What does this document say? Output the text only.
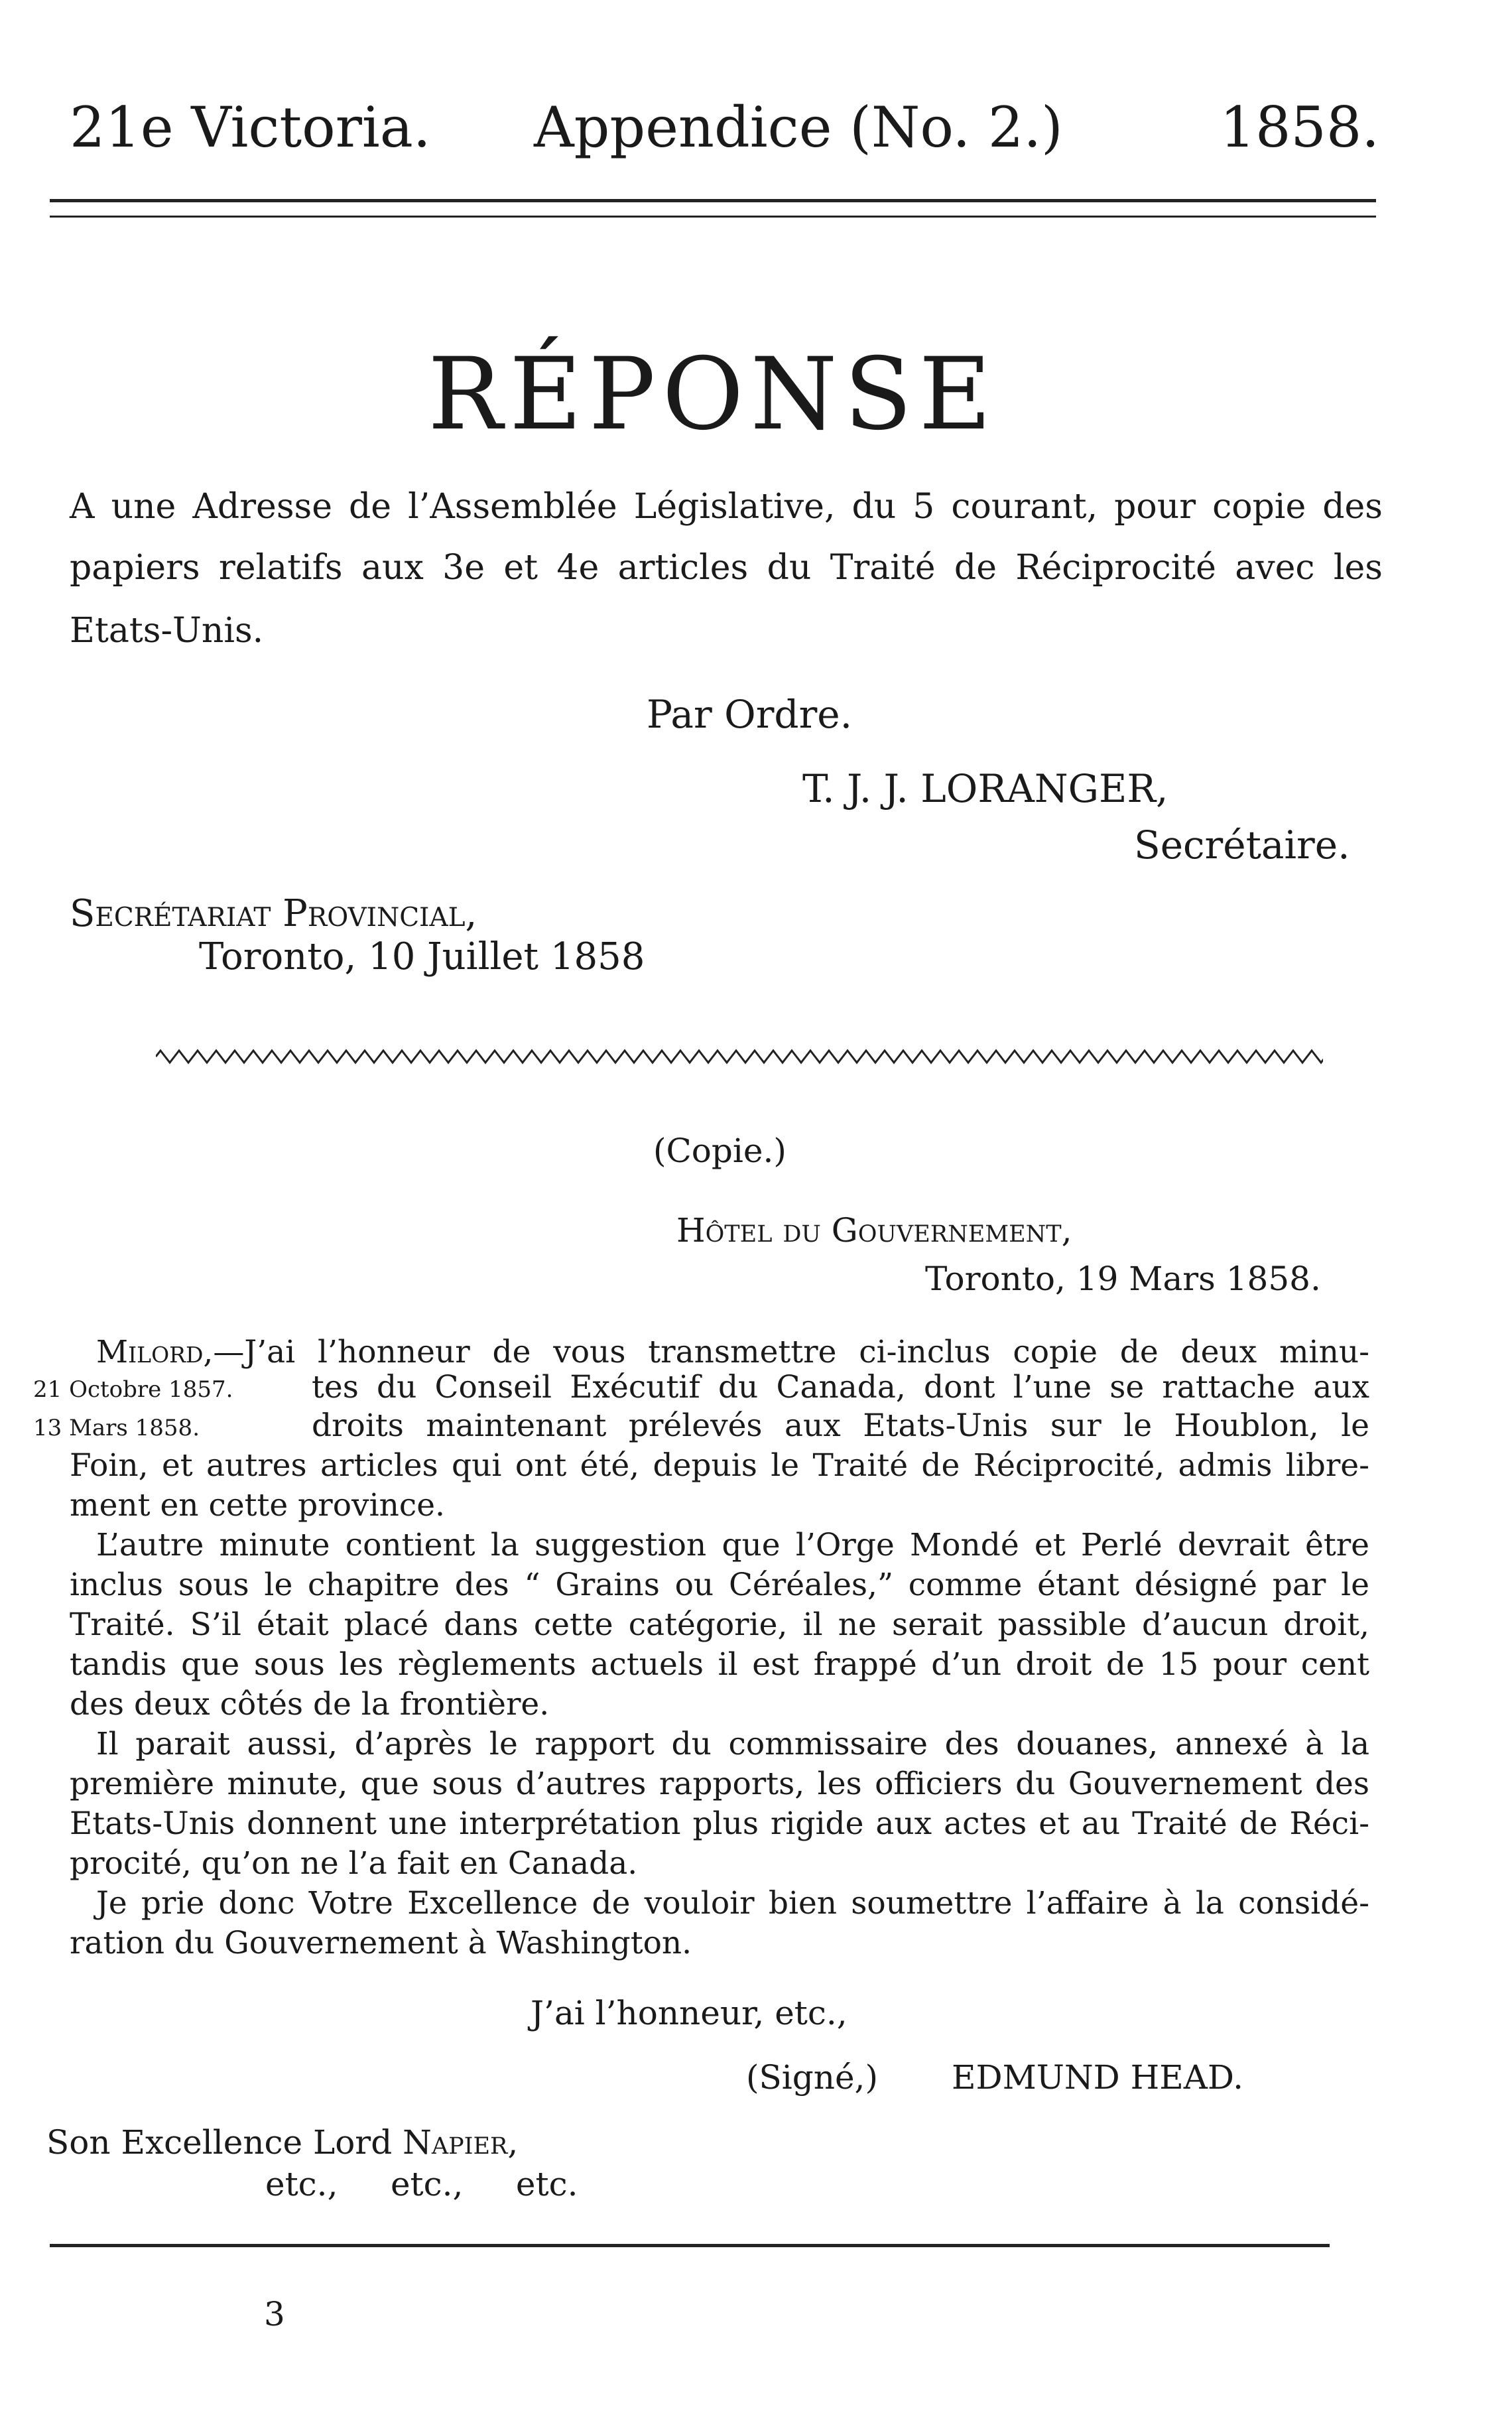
21e Victoria. Appendice (No. 2.)	1858.
RÉPONSE
A une Adresse de l’Assemblée Législative, du 5 courant, pour copie des
papiers relatifs aux 3e et 4e articles du Traité de Réciprocité avec les
Etats-Unis.
Par Ordre.
T. J. J. LORANGER,
Secrétaire.
Secrétariat Provincial,
Toronto, 10 Juillet 1858
(Copie.)
Hôtel du Gouvernement,
Toronto, 19 Mars 1858.
Milord,—J’ai l’honneur de vous transmettre ci-inclus copie de deux minu-
21 Octobre 1857.	tes du Conseil Exécutif du Canada, dont l’une se rattache aux
13 Mars 1858.	droits maintenant prélevés aux Etats-Unis sur le Houblon, le
Foin, et autres articles qui ont été, depuis le Traité de Réciprocité, admis libre-
ment en cette province.
L’autre minute contient la suggestion que l’Orge Mondé et Perlé devrait être
inclus sous le chapitre des “ Grains ou Céréales,” comme étant désigné par le
Traité. S’il était placé dans cette catégorie, il ne serait passible d’aucun droit,
tandis que sous les règlements actuels il est frappé d’un droit de 15 pour cent
des deux côtés de la frontière.
Il parait aussi, d’après le rapport du commissaire des douanes, annexé à la
première minute, que sous d’autres rapports, les officiers du Gouvernement des
Etats-Unis donnent une interprétation plus rigide aux actes et au Traité de Réci-
procité, qu’on ne l’a fait en Canada.
Je prie donc Votre Excellence de vouloir bien soumettre l’affaire à la considé-
ration du Gouvernement à Washington.
J’ai l’honneur, etc.,
(Signé,) EDMUND HEAD.
Son Excellence Lord Napier,
etc.,     etc.,     etc.
3
